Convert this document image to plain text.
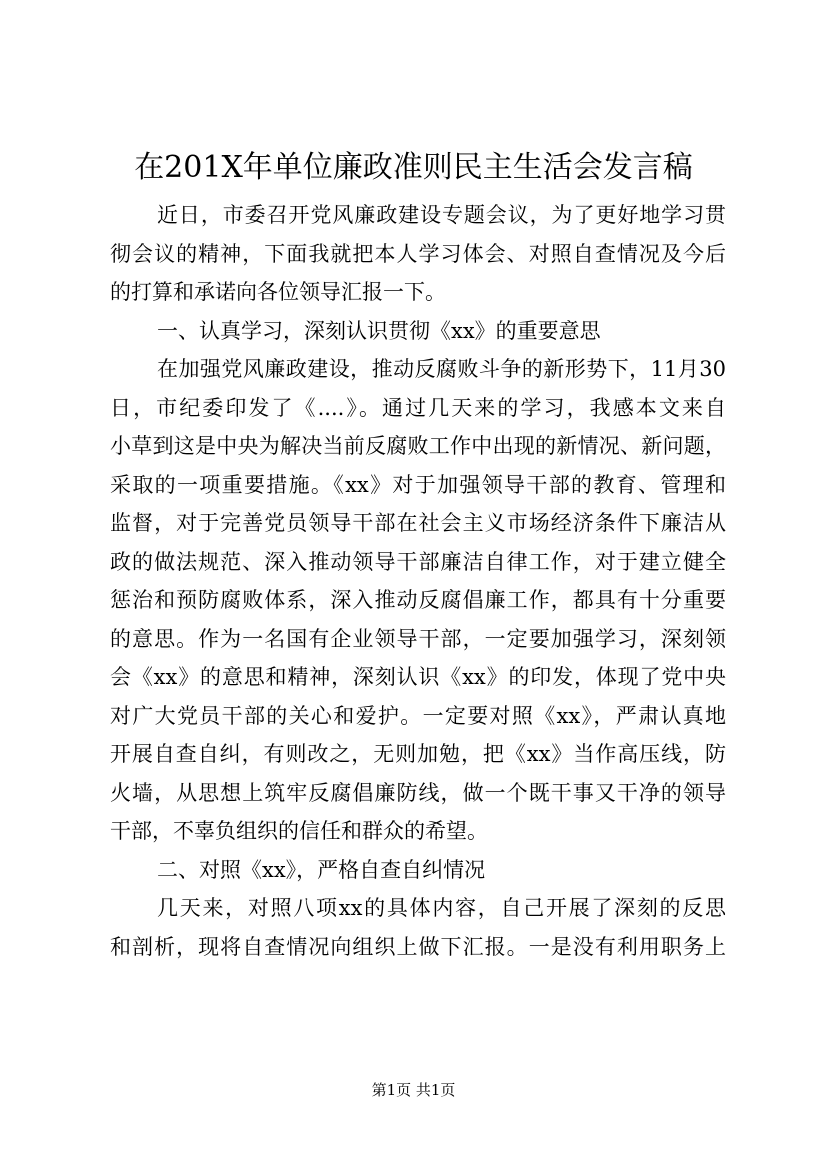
在201X年单位廉政准则民主生活会发言稿
近日，市委召开党风廉政建设专题会议，为了更好地学习贯
彻会议的精神，下面我就把本人学习体会、对照自查情况及今后
的打算和承诺向各位领导汇报一下。
一、认真学习，深刻认识贯彻《xx》的重要意思
在加强党风廉政建设，推动反腐败斗争的新形势下，11月30
日，市纪委印发了《....》。通过几天来的学习，我感本文来自
小草到这是中央为解决当前反腐败工作中出现的新情况、新问题，
采取的一项重要措施。《xx》对于加强领导干部的教育、管理和
监督，对于完善党员领导干部在社会主义市场经济条件下廉洁从
政的做法规范、深入推动领导干部廉洁自律工作，对于建立健全
惩治和预防腐败体系，深入推动反腐倡廉工作，都具有十分重要
的意思。作为一名国有企业领导干部，一定要加强学习，深刻领
会《xx》的意思和精神，深刻认识《xx》的印发，体现了党中央
对广大党员干部的关心和爱护。一定要对照《xx》，严肃认真地
开展自查自纠，有则改之，无则加勉，把《xx》当作高压线，防
火墙，从思想上筑牢反腐倡廉防线，做一个既干事又干净的领导
干部，不辜负组织的信任和群众的希望。
二、对照《xx》，严格自查自纠情况
几天来，对照八项xx的具体内容，自己开展了深刻的反思
和剖析，现将自查情况向组织上做下汇报。一是没有利用职务上
第1页 共1页
